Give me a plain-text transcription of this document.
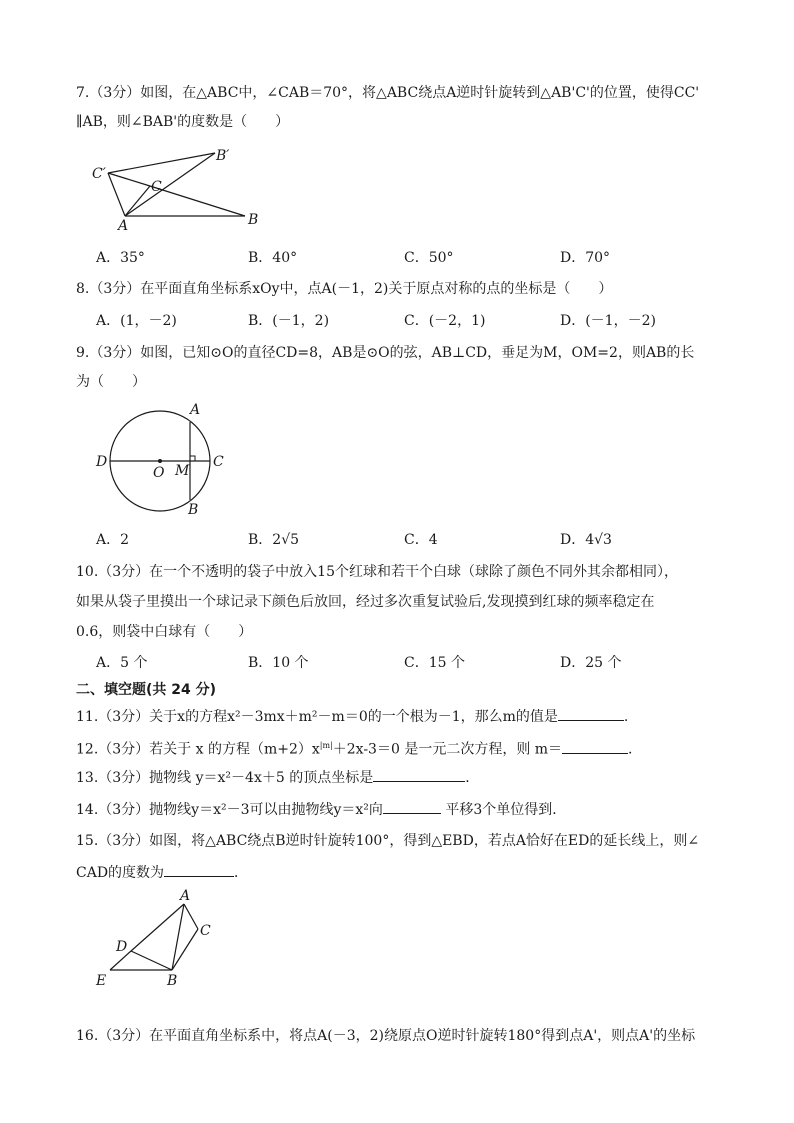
7.（3分）如图，在△ABC中，∠CAB＝70°，将△ABC绕点A逆时针旋转到△AB'C'的位置，使得CC'
∥AB，则∠BAB'的度数是（　　）
C′
B′
C
A	B
A．35°	B．40°	C．50°	D．70°
8.（3分）在平面直角坐标系xOy中，点A(－1，2)关于原点对称的点的坐标是（　　）
A．(1，－2)	B．(－1，2)	C．(－2，1)	D．(－1，－2)
9.（3分）如图，已知⊙O的直径CD=8，AB是⊙O的弦，AB⊥CD，垂足为M，OM=2，则AB的长
为（　　）
A
B
D	C
O M
A．2	B．2√5	C．4	D．4√3
10.（3分）在一个不透明的袋子中放入15个红球和若干个白球（球除了颜色不同外其余都相同），
如果从袋子里摸出一个球记录下颜色后放回，经过多次重复试验后,发现摸到红球的频率稳定在
0.6，则袋中白球有（　　）
A．5 个	B．10 个	C．15 个	D．25 个
二、填空题(共 24 分)
11.（3分）关于x的方程x²－3mx＋m²－m＝0的一个根为－1，那么m的值是	.
12.（3分）若关于 x 的方程$(m+2)x^{|m|}+2x-3=0$ 是一元二次方程，则 m＝	.
13.（3分）抛物线 y＝x²－4x＋5 的顶点坐标是	．
14.（3分）抛物线y＝x²－3可以由抛物线y＝x²向	平移3个单位得到．
15.（3分）如图，将△ABC绕点B逆时针旋转100°，得到△EBD，若点A恰好在ED的延长线上，则∠
CAD的度数为	．
A
C
D
E	B
16.（3分）在平面直角坐标系中，将点A(－3，2)绕原点O逆时针旋转180°得到点A'，则点A'的坐标
